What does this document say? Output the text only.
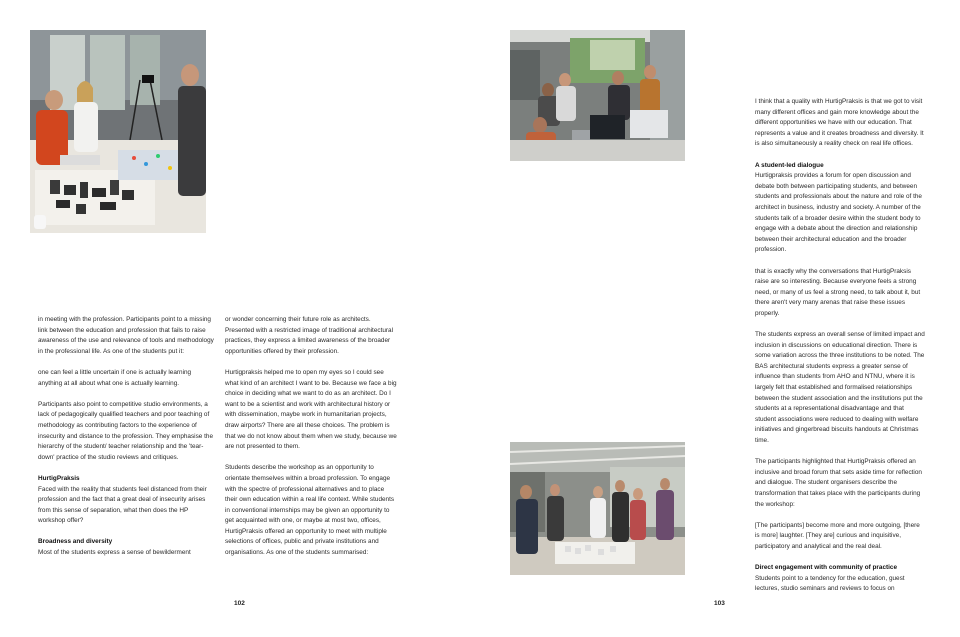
in meeting with the profession. Participants point to a missing link between the education and profession that fails to raise awareness of the use and relevance of tools and methodology in the professional life. As one of the students put it:

one can feel a little uncertain if one is actually learning anything at all about what one is actually learning.

Participants also point to competitive studio environments, a lack of pedagogically qualified teachers and poor teaching of methodology as contributing factors to the experience of insecurity and distance to the profession. They emphasise the hierarchy of the student/ teacher relationship and the 'tear-down' practice of the studio reviews and critiques.

HurtigPraksis

Faced with the reality that students feel distanced from their profession and the fact that a great deal of insecurity arises from this sense of separation, what then does the HP workshop offer?

Broadness and diversity

Most of the students express a sense of bewilderment

or wonder concerning their future role as architects. Presented with a restricted image of traditional architectural practices, they express a limited awareness of the broader opportunities offered by their profession.

Hurtigpraksis helped me to open my eyes so I could see what kind of an architect I want to be. Because we face a big choice in deciding what we want to do as an architect. Do I want to be a scientist and work with architectural history or with dissemination, maybe work in humanitarian projects, draw airports? There are all these choices. The problem is that we do not know about them when we study, because we are not presented to them.

Students describe the workshop as an opportunity to orientate themselves within a broad profession. To engage with the spectre of professional alternatives and to place their own education within a real life context. While students in conventional internships may be given an opportunity to get acquainted with one, or maybe at most two, offices, HurtigPraksis offered an opportunity to meet with multiple selections of offices, public and private institutions and organisations. As one of the students summarised:

102

I think that a quality with HurtigPraksis is that we got to visit many different offices and gain more knowledge about the different opportunities we have with our education. That represents a value and it creates broadness and diversity. It is also simultaneously a reality check on real life offices.

A student-led dialogue

Hurtigpraksis provides a forum for open discussion and debate both between participating students, and between students and professionals about the nature and role of the architect in business, industry and society. A number of the students talk of a broader desire within the student body to engage with a debate about the direction and relationship between their architectural education and the broader profession.

that is exactly why the conversations that HurtigPraksis raise are so interesting. Because everyone feels a strong need, or many of us feel a strong need, to talk about it, but there aren't very many arenas that raise these issues properly.

The students express an overall sense of limited impact and inclusion in discussions on educational direction. There is some variation across the three institutions to be noted. The BAS architectural students express a greater sense of influence than students from AHO and NTNU, where it is largely felt that established and formalised relationships between the student association and the institutions put the students at a representational disadvantage and that student associations were reduced to dealing with welfare initiatives and gingerbread biscuits handouts at Christmas time.

The participants highlighted that HurtigPraksis offered an inclusive and broad forum that sets aside time for reflection and dialogue. The student organisers describe the transformation that takes place with the participants during the workshop:

[The participants] become more and more outgoing, [there is more] laughter. [They are] curious and inquisitive, participatory and analytical and the real deal.

Direct engagement with community of practice

Students point to a tendency for the education, guest lectures, studio seminars and reviews to focus on

103
